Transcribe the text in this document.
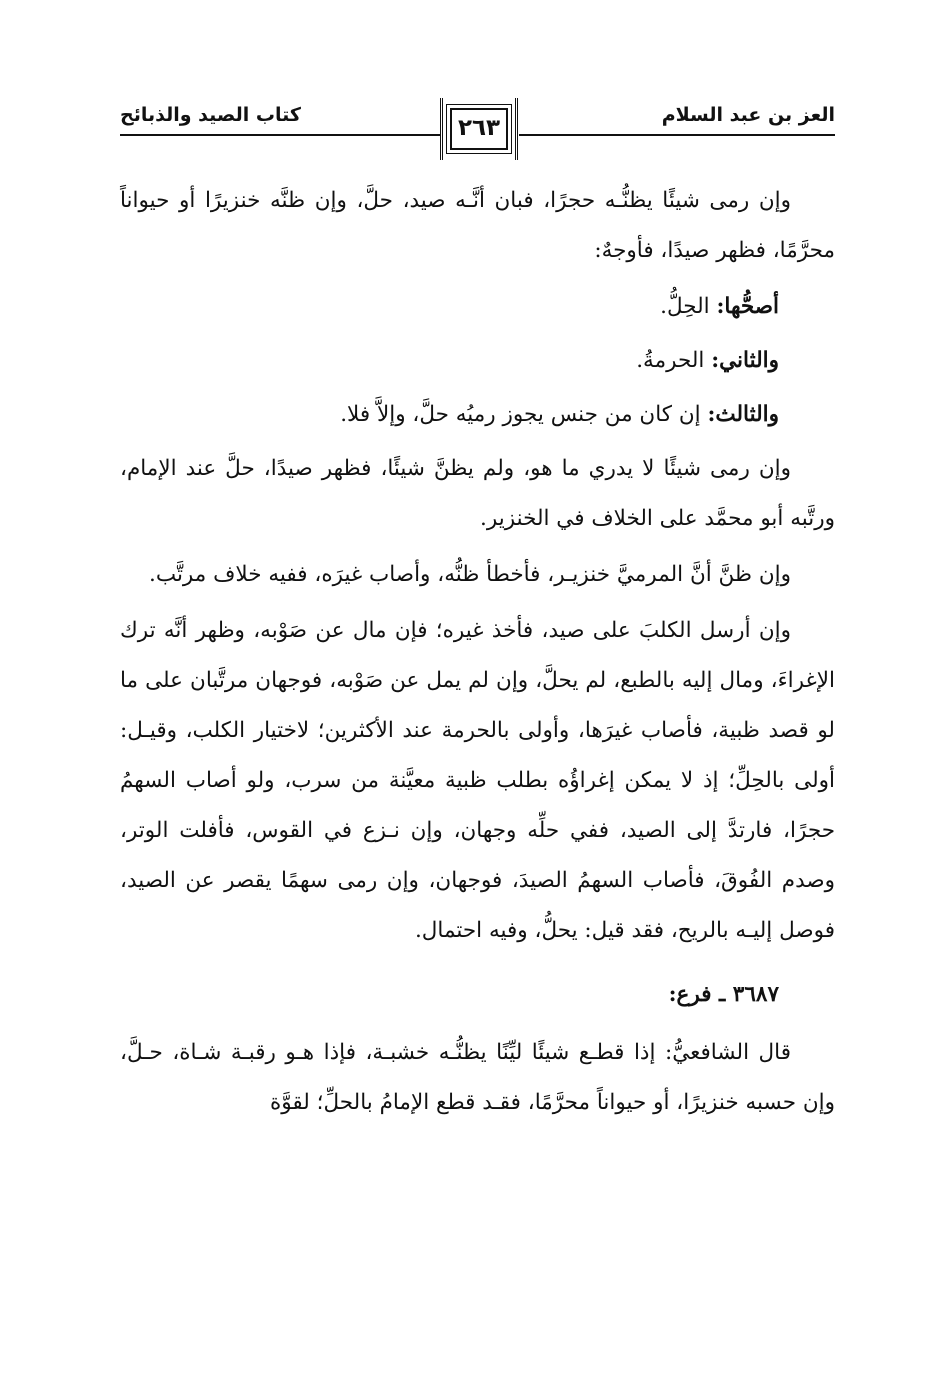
العز بن عبد السلام
٢٦٣
كتاب الصيد والذبائح

وإن رمى شيئًا يظنُّـه حجرًا، فبان أنَّـه صيد، حلَّ، وإن ظنَّه خنزيرًا أو حيواناً محرَّمًا، فظهر صيدًا، فأوجهٌ:

أصحُّها: الحِلُّ.

والثاني: الحرمةُ.

والثالث: إن كان من جنس يجوز رميُه حلَّ، وإلاَّ فلا.

وإن رمى شيئًا لا يدري ما هو، ولم يظنَّ شيئًا، فظهر صيدًا، حلَّ عند الإمام، ورتَّبه أبو محمَّد على الخلاف في الخنزير.

وإن ظنَّ أنَّ المرميَّ خنزيـر، فأخطأ ظنُّه، وأصاب غيرَه، ففيه خلاف مرتَّب.

وإن أرسل الكلبَ على صيد، فأخذ غيره؛ فإن مال عن صَوْبه، وظهر أنَّه ترك الإغراءَ، ومال إليه بالطبع، لم يحلَّ، وإن لم يمل عن صَوْبه، فوجهان مرتَّبان على ما لو قصد ظبية، فأصاب غيرَها، وأولى بالحرمة عند الأكثرين؛ لاختيار الكلب، وقيـل: أولى بالحِلِّ؛ إذ لا يمكن إغراؤُه بطلب ظبية معيَّنة من سرب، ولو أصاب السهمُ حجرًا، فارتدَّ إلى الصيد، ففي حلِّه وجهان، وإن نـزع في القوس، فأفلت الوتر، وصدم الفُوقَ، فأصاب السهمُ الصيدَ، فوجهان، وإن رمى سهمًا يقصر عن الصيد، فوصل إليـه بالريح، فقد قيل: يحلُّ، وفيه احتمال.

٣٦٨٧ ـ فرع:

قال الشافعيُّ: إذا قطـع شيئًا ليِّنًا يظنُّـه خشبـة، فإذا هـو رقبـة شـاة، حـلَّ، وإن حسبه خنزيرًا، أو حيواناً محرَّمًا، فقـد قطع الإمامُ بالحلِّ؛ لقوَّة
